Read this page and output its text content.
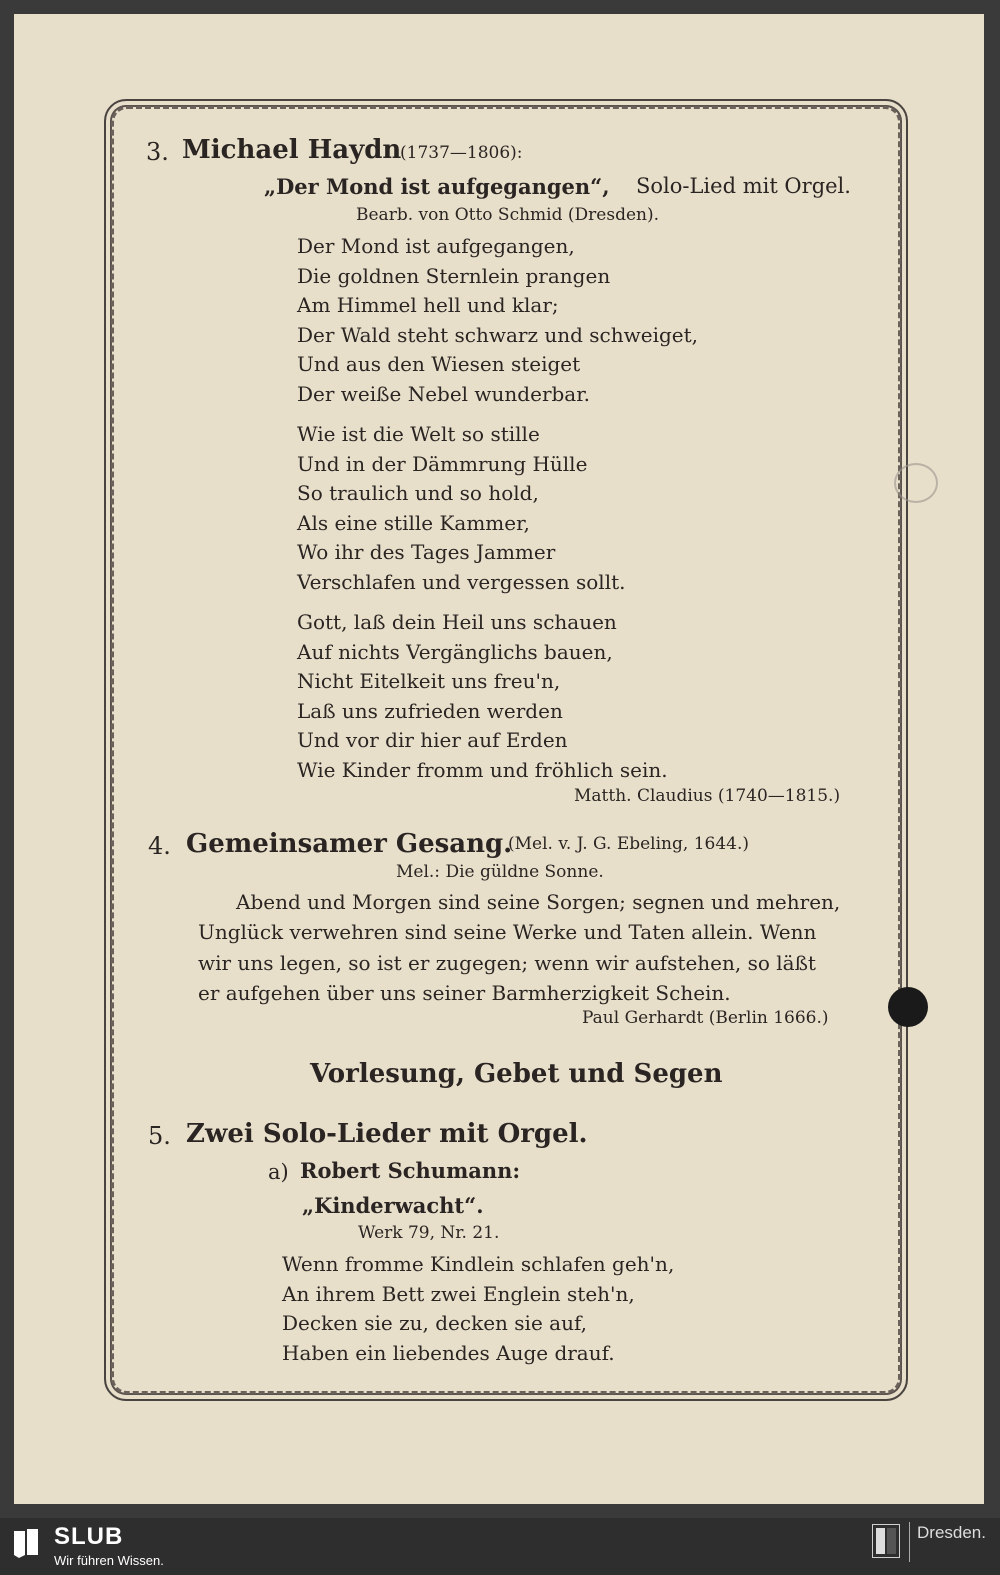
3. Michael Haydn
(1737—1806):
„Der Mond ist aufgegangen“, Solo-Lied mit Orgel.
Bearb. von Otto Schmid (Dresden).
Der Mond ist aufgegangen,
Die goldnen Sternlein prangen
Am Himmel hell und klar;
Der Wald steht schwarz und schweiget,
Und aus den Wiesen steiget
Der weiße Nebel wunderbar.
Wie ist die Welt so stille
Und in der Dämmrung Hülle
So traulich und so hold,
Als eine stille Kammer,
Wo ihr des Tages Jammer
Verschlafen und vergessen sollt.
Gott, laß dein Heil uns schauen
Auf nichts Vergänglichs bauen,
Nicht Eitelkeit uns freu'n,
Laß uns zufrieden werden
Und vor dir hier auf Erden
Wie Kinder fromm und fröhlich sein.
Matth. Claudius (1740—1815.)
4. Gemeinsamer Gesang.
(Mel. v. J. G. Ebeling, 1644.)
Mel.: Die güldne Sonne.
Abend und Morgen sind seine Sorgen; segnen und mehren,
Unglück verwehren sind seine Werke und Taten allein. Wenn
wir uns legen, so ist er zugegen; wenn wir aufstehen, so läßt
er aufgehen über uns seiner Barmherzigkeit Schein.
Paul Gerhardt (Berlin 1666.)
Vorlesung, Gebet und Segen
5. Zwei Solo-Lieder mit Orgel.
a) Robert Schumann:
„Kinderwacht“.
Werk 79, Nr. 21.
Wenn fromme Kindlein schlafen geh'n,
An ihrem Bett zwei Englein steh'n,
Decken sie zu, decken sie auf,
Haben ein liebendes Auge drauf.
SLUB
Wir führen Wissen.
Dresden.
